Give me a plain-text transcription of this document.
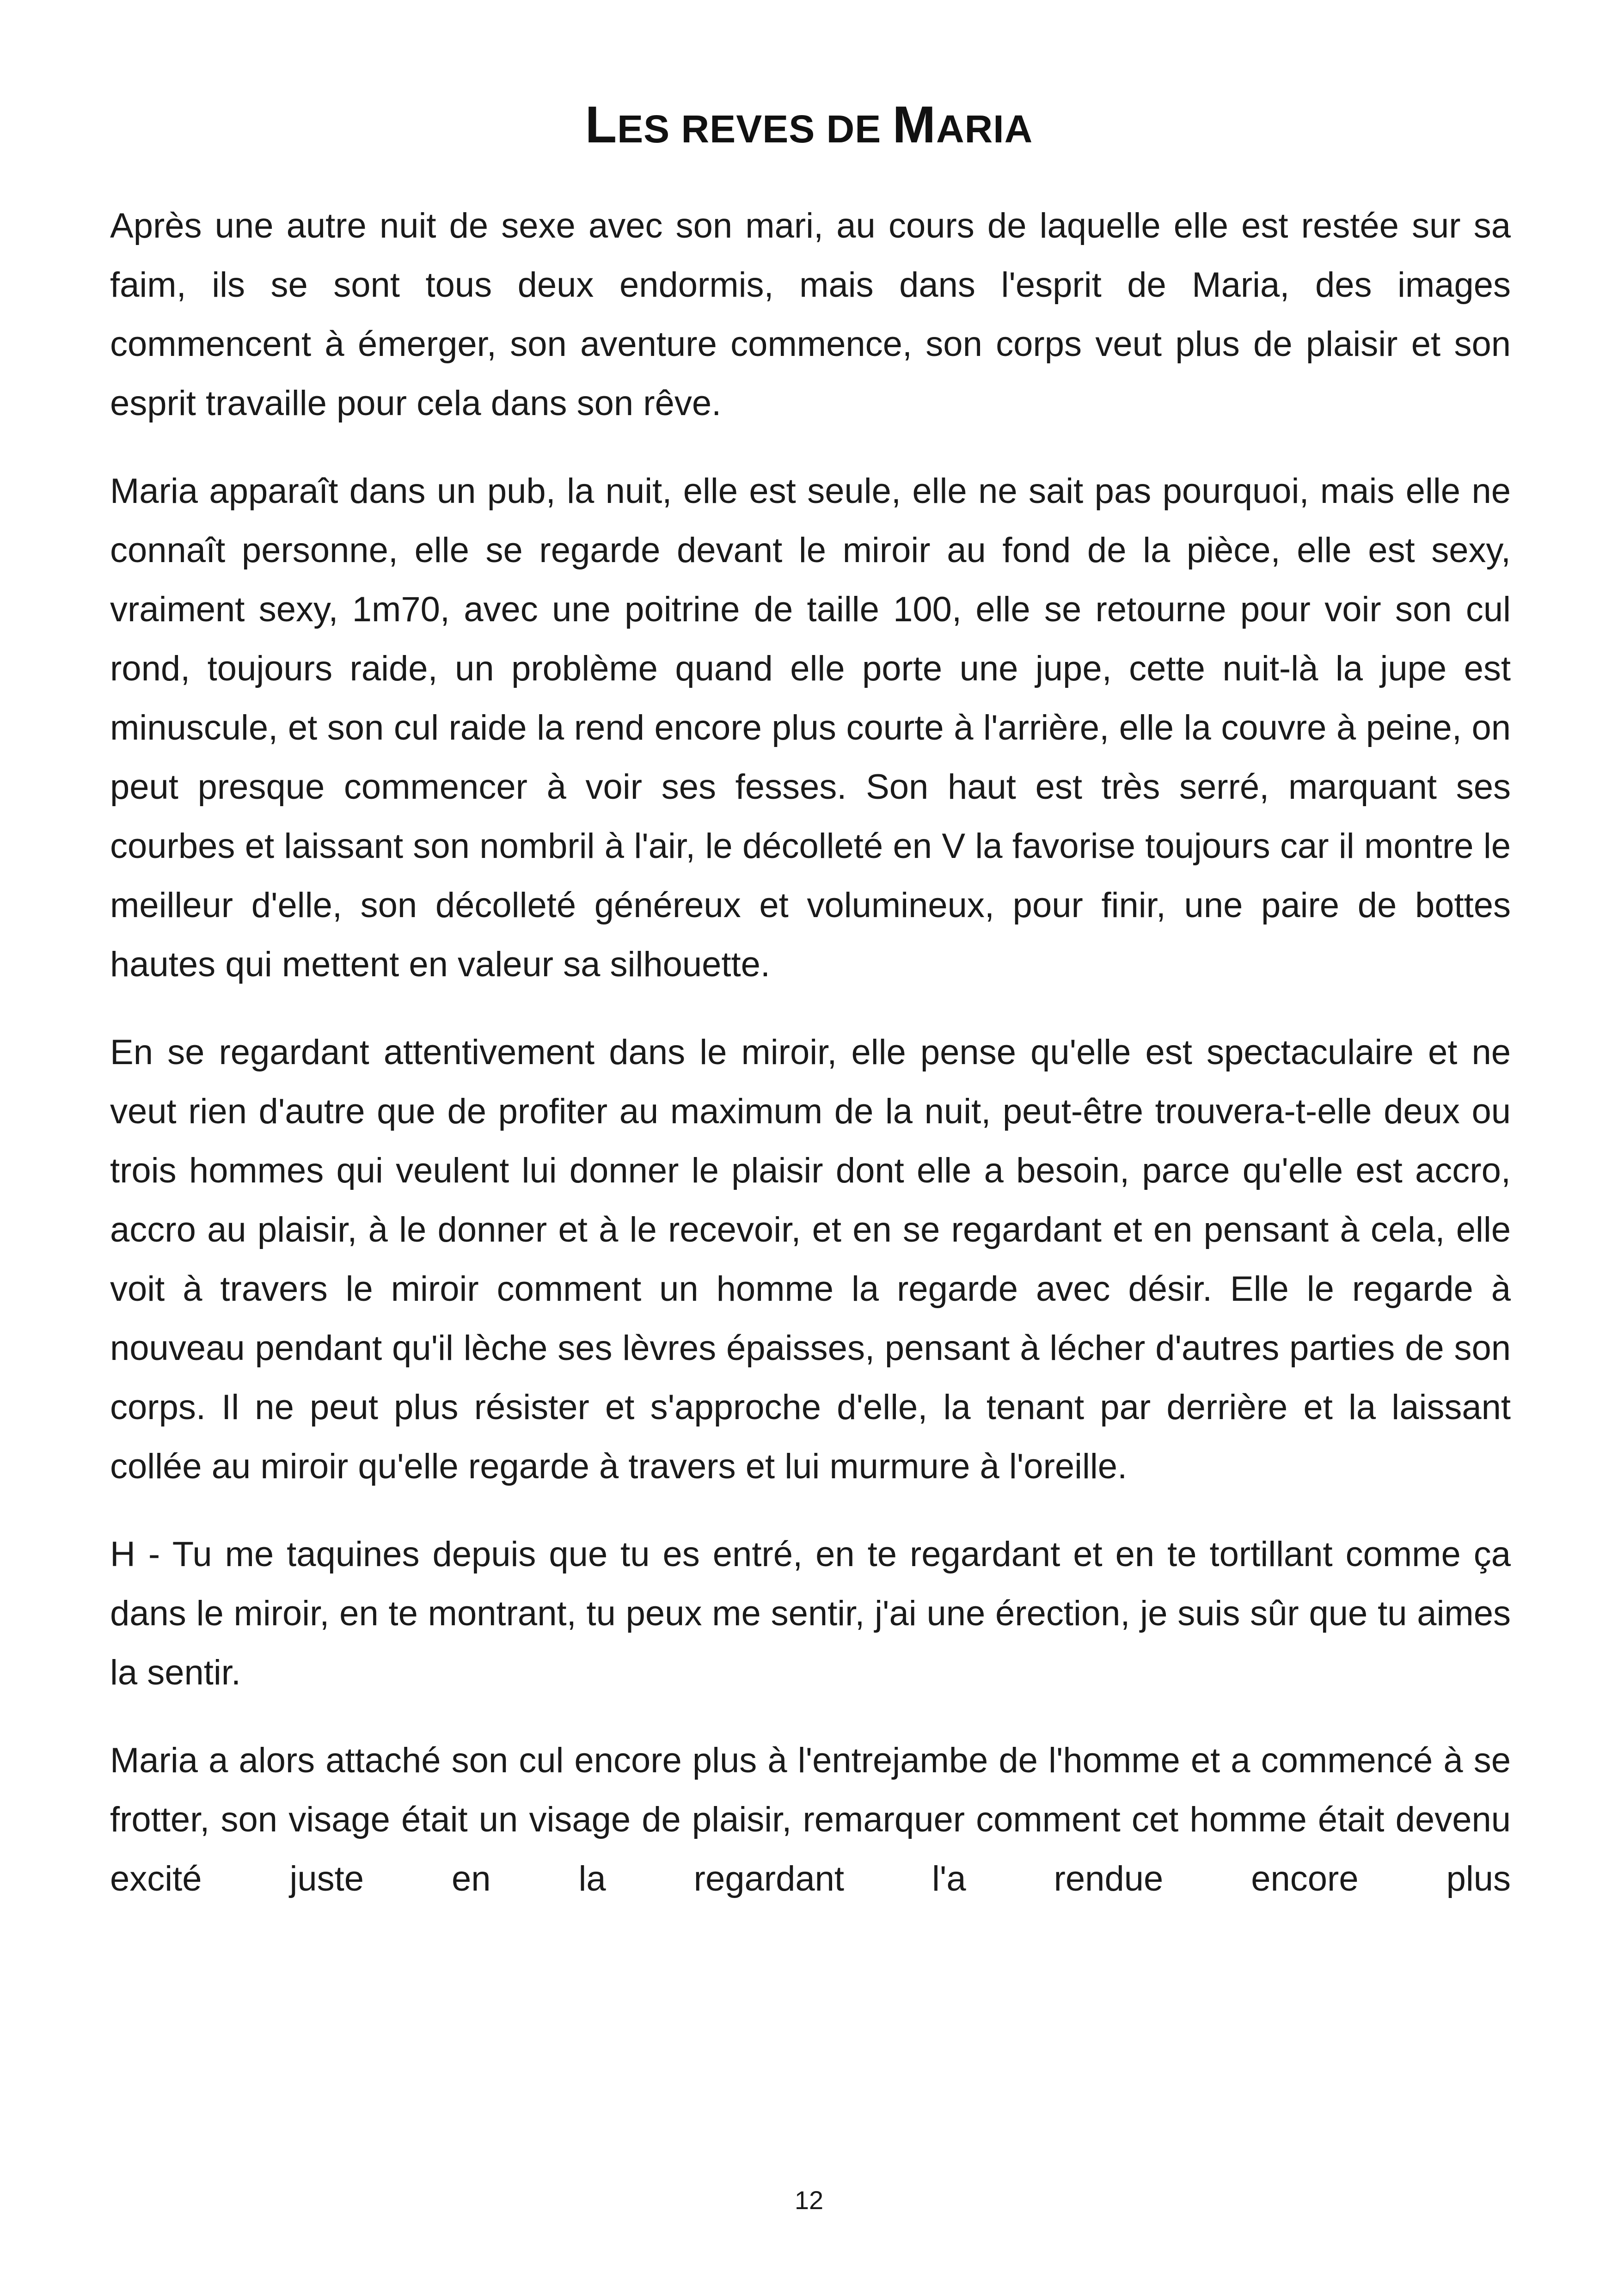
LES REVES DE MARIA

Après une autre nuit de sexe avec son mari, au cours de laquelle elle est restée sur sa faim, ils se sont tous deux endormis, mais dans l'esprit de Maria, des images commencent à émerger, son aventure commence, son corps veut plus de plaisir et son esprit travaille pour cela dans son rêve.

Maria apparaît dans un pub, la nuit, elle est seule, elle ne sait pas pourquoi, mais elle ne connaît personne, elle se regarde devant le miroir au fond de la pièce, elle est sexy, vraiment sexy, 1m70, avec une poitrine de taille 100, elle se retourne pour voir son cul rond, toujours raide, un problème quand elle porte une jupe, cette nuit-là la jupe est minuscule, et son cul raide la rend encore plus courte à l'arrière, elle la couvre à peine, on peut presque commencer à voir ses fesses. Son haut est très serré, marquant ses courbes et laissant son nombril à l'air, le décolleté en V la favorise toujours car il montre le meilleur d'elle, son décolleté généreux et volumineux, pour finir, une paire de bottes hautes qui mettent en valeur sa silhouette.

En se regardant attentivement dans le miroir, elle pense qu'elle est spectaculaire et ne veut rien d'autre que de profiter au maximum de la nuit, peut-être trouvera-t-elle deux ou trois hommes qui veulent lui donner le plaisir dont elle a besoin, parce qu'elle est accro, accro au plaisir, à le donner et à le recevoir, et en se regardant et en pensant à cela, elle voit à travers le miroir comment un homme la regarde avec désir. Elle le regarde à nouveau pendant qu'il lèche ses lèvres épaisses, pensant à lécher d'autres parties de son corps. Il ne peut plus résister et s'approche d'elle, la tenant par derrière et la laissant collée au miroir qu'elle regarde à travers et lui murmure à l'oreille.

H - Tu me taquines depuis que tu es entré, en te regardant et en te tortillant comme ça dans le miroir, en te montrant, tu peux me sentir, j'ai une érection, je suis sûr que tu aimes la sentir.

Maria a alors attaché son cul encore plus à l'entrejambe de l'homme et a commencé à se frotter, son visage était un visage de plaisir, remarquer comment cet homme était devenu excité juste en la regardant l'a rendue encore plus

12
